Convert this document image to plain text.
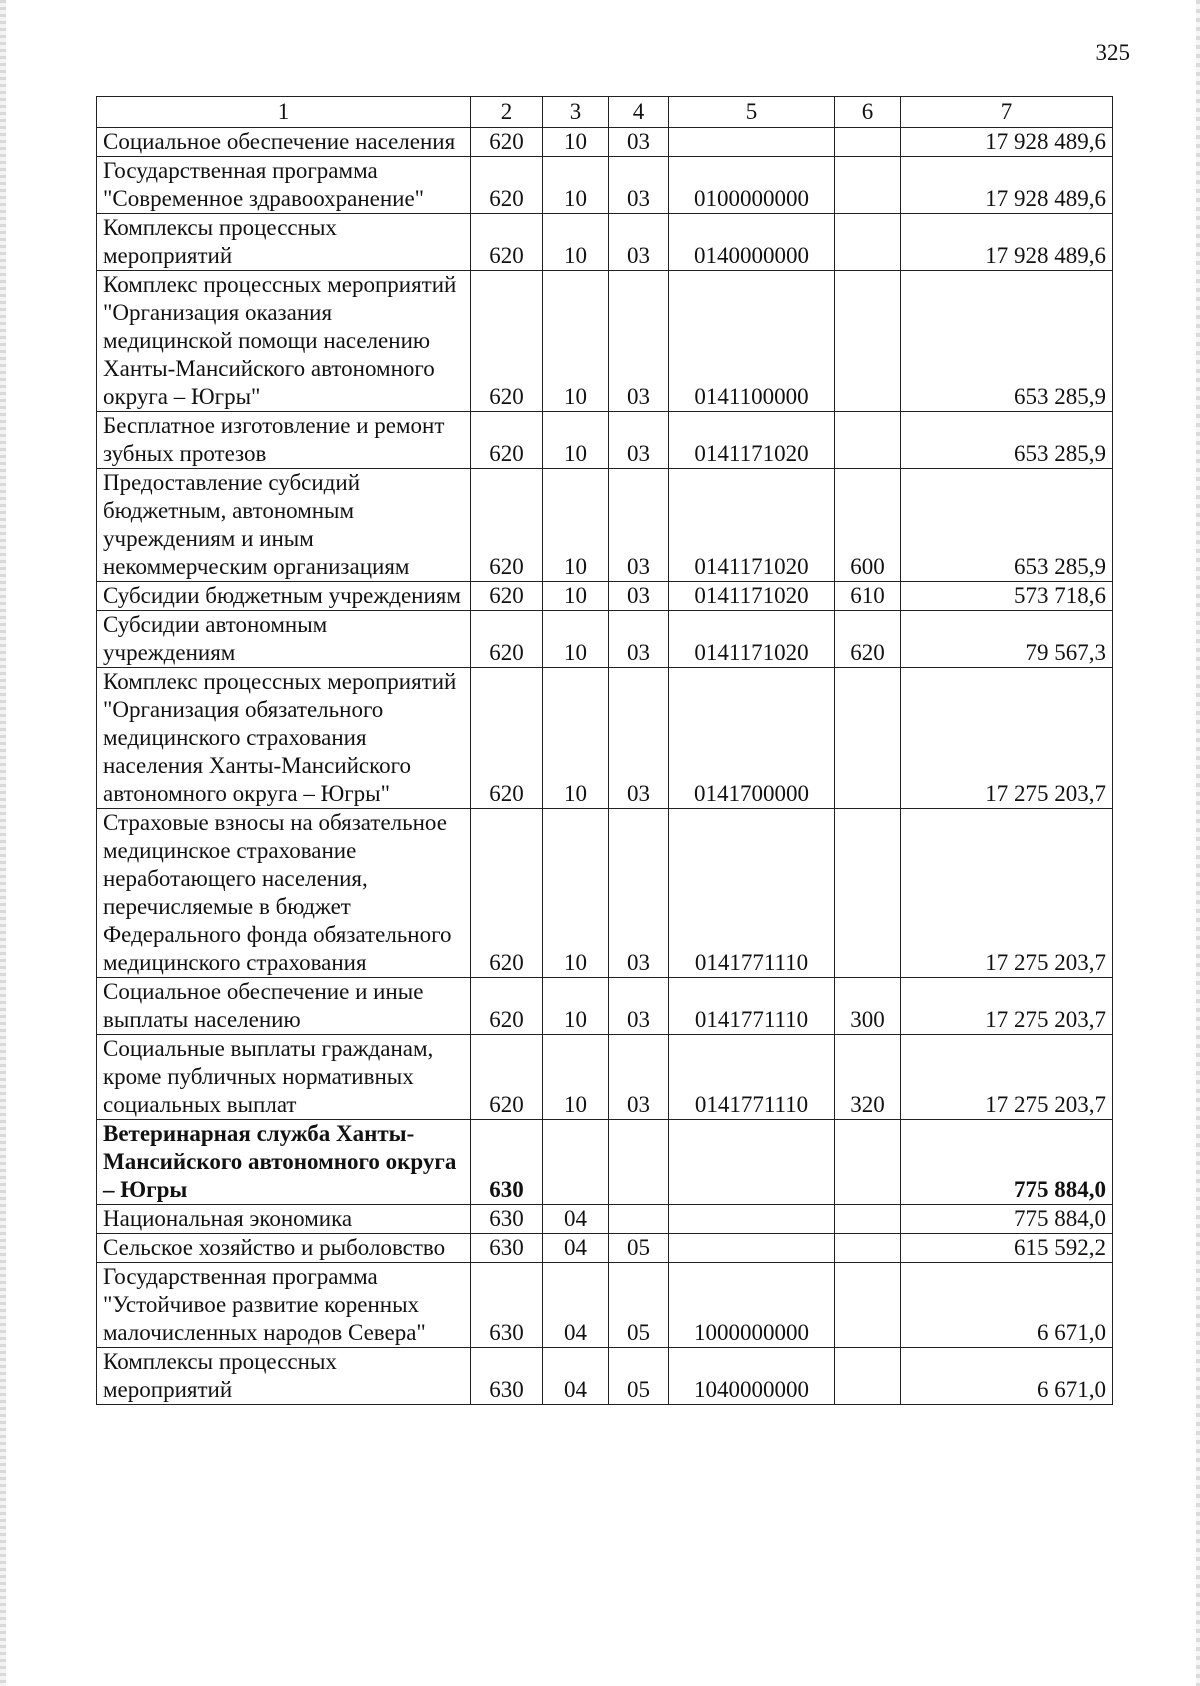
325
1	2	3	4	5	6	7
Социальное обеспечение населения	620	10	03			17 928 489,6
Государственная программа "Современное здравоохранение"	620	10	03	0100000000		17 928 489,6
Комплексы процессных мероприятий	620	10	03	0140000000		17 928 489,6
Комплекс процессных мероприятий "Организация оказания медицинской помощи населению Ханты-Мансийского автономного округа – Югры"	620	10	03	0141100000		653 285,9
Бесплатное изготовление и ремонт зубных протезов	620	10	03	0141171020		653 285,9
Предоставление субсидий бюджетным, автономным учреждениям и иным некоммерческим организациям	620	10	03	0141171020	600	653 285,9
Субсидии бюджетным учреждениям	620	10	03	0141171020	610	573 718,6
Субсидии автономным учреждениям	620	10	03	0141171020	620	79 567,3
Комплекс процессных мероприятий "Организация обязательного медицинского страхования населения Ханты-Мансийского автономного округа – Югры"	620	10	03	0141700000		17 275 203,7
Страховые взносы на обязательное медицинское страхование неработающего населения, перечисляемые в бюджет Федерального фонда обязательного медицинского страхования	620	10	03	0141771110		17 275 203,7
Социальное обеспечение и иные выплаты населению	620	10	03	0141771110	300	17 275 203,7
Социальные выплаты гражданам, кроме публичных нормативных социальных выплат	620	10	03	0141771110	320	17 275 203,7
Ветеринарная служба Ханты-Мансийского автономного округа – Югры	630					775 884,0
Национальная экономика	630	04				775 884,0
Сельское хозяйство и рыболовство	630	04	05			615 592,2
Государственная программа "Устойчивое развитие коренных малочисленных народов Севера"	630	04	05	1000000000		6 671,0
Комплексы процессных мероприятий	630	04	05	1040000000		6 671,0
